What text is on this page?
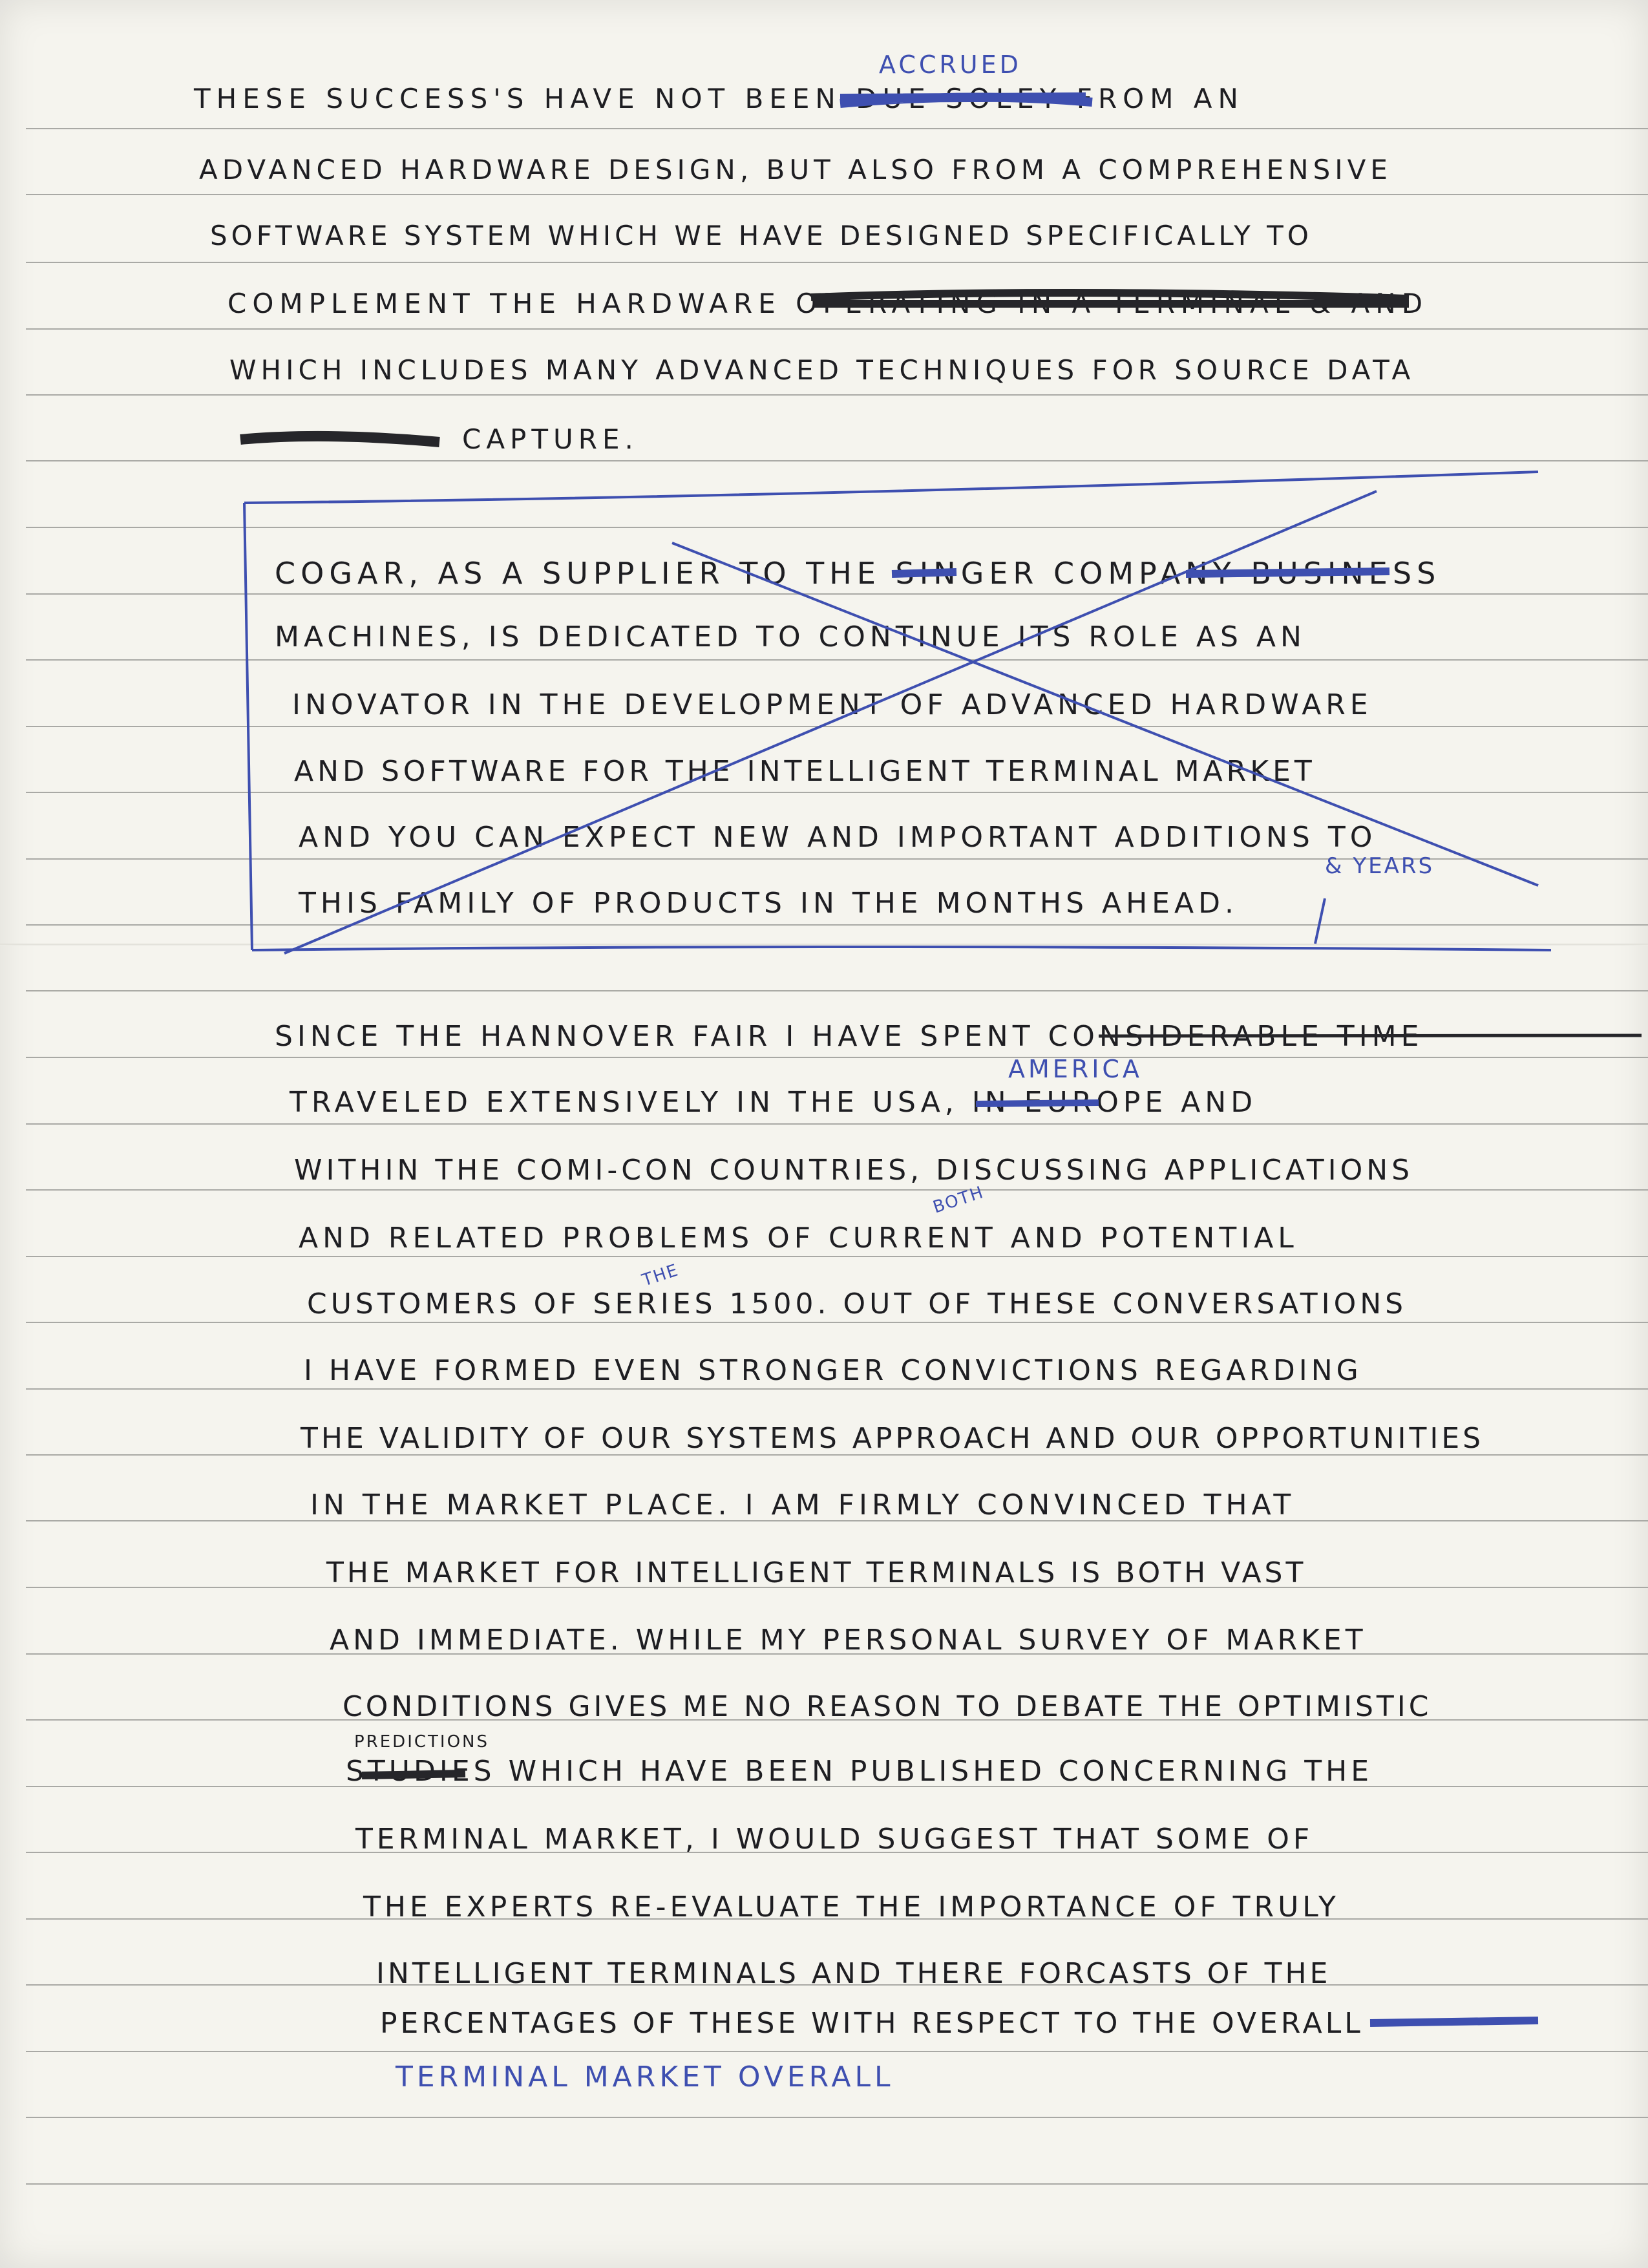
THESE SUCCESS'S HAVE NOT BEEN DUE SOLEY FROM AN

ADVANCED HARDWARE DESIGN, BUT ALSO FROM A COMPREHENSIVE

SOFTWARE SYSTEM WHICH WE HAVE DESIGNED SPECIFICALLY TO

COMPLEMENT THE HARDWARE OPERATING IN A TERMINAL & AND

WHICH INCLUDES MANY ADVANCED TECHNIQUES FOR SOURCE DATA

CAPTURE.

ACCRUED

COGAR, AS A SUPPLIER TO THE SINGER COMPANY BUSINESS

MACHINES, IS DEDICATED TO CONTINUE ITS ROLE AS AN

INOVATOR IN THE DEVELOPMENT OF ADVANCED HARDWARE

AND SOFTWARE FOR THE INTELLIGENT TERMINAL MARKET

AND YOU CAN EXPECT NEW AND IMPORTANT ADDITIONS TO

THIS FAMILY OF PRODUCTS IN THE MONTHS AHEAD.

& YEARS

SINCE THE HANNOVER FAIR I HAVE SPENT CONSIDERABLE TIME

TRAVELED EXTENSIVELY IN THE USA, IN EUROPE AND

WITHIN THE COMI-CON COUNTRIES, DISCUSSING APPLICATIONS

AND RELATED PROBLEMS OF CURRENT AND POTENTIAL

CUSTOMERS OF SERIES 1500. OUT OF THESE CONVERSATIONS

I HAVE FORMED EVEN STRONGER CONVICTIONS REGARDING

THE VALIDITY OF OUR SYSTEMS APPROACH AND OUR OPPORTUNITIES

IN THE MARKET PLACE. I AM FIRMLY CONVINCED THAT

THE MARKET FOR INTELLIGENT TERMINALS IS BOTH VAST

AND IMMEDIATE. WHILE MY PERSONAL SURVEY OF MARKET

CONDITIONS GIVES ME NO REASON TO DEBATE THE OPTIMISTIC

STUDIES WHICH HAVE BEEN PUBLISHED CONCERNING THE

TERMINAL MARKET, I WOULD SUGGEST THAT SOME OF

THE EXPERTS RE-EVALUATE THE IMPORTANCE OF TRULY

INTELLIGENT TERMINALS AND THERE FORCASTS OF THE

PERCENTAGES OF THESE WITH RESPECT TO THE OVERALL

TERMINAL MARKET OVERALL

AMERICA
BOTH
THE
PREDICTIONS
